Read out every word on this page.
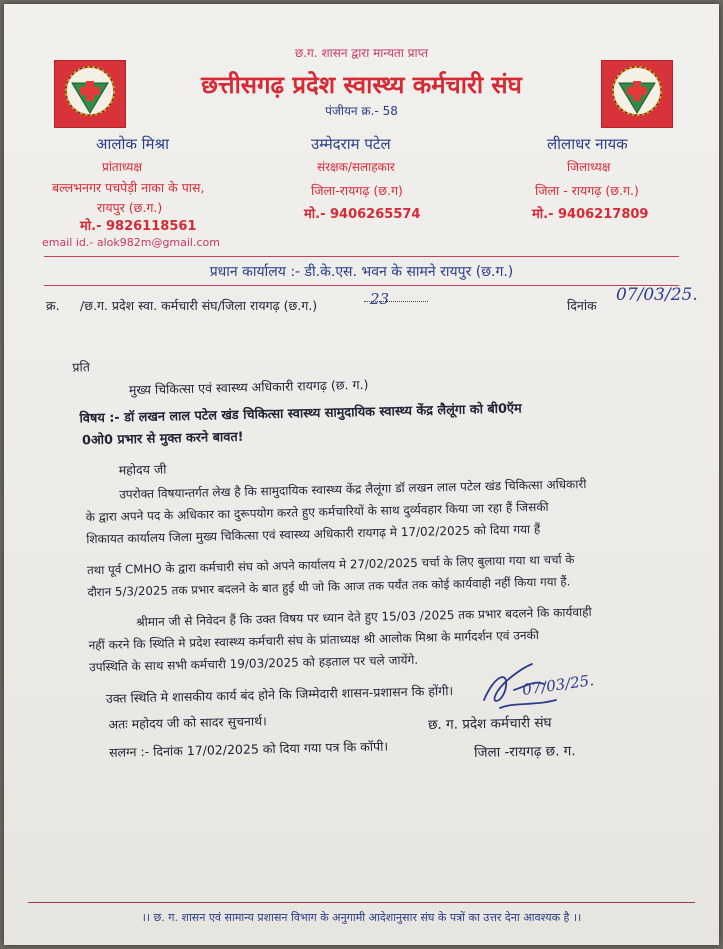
छ.ग. शासन द्वारा मान्यता प्राप्त
छत्तीसगढ़ प्रदेश स्वास्थ्य कर्मचारी संघ
पंजीयन क्र.- 58
आलोक मिश्रा
प्रांताध्यक्ष
बल्लभनगर पचपेड़ी नाका के पास,
रायपुर (छ.ग.)
मो.- 9826118561
उम्मेदराम पटेल
संरक्षक/सलाहकार
जिला-रायगढ़ (छ.ग)
मो.- 9406265574
लीलाधर नायक
जिलाध्यक्ष
जिला - रायगढ़ (छ.ग.)
मो.- 9406217809
email id.- alok982m@gmail.com
प्रधान कार्यालय :- डी.के.एस. भवन के सामने रायपुर (छ.ग.)
क्र. /छ.ग. प्रदेश स्वा. कर्मचारी संघ/जिला रायगढ़ (छ.ग.)	23	दिनांक
07/03/25.
प्रति
मुख्य चिकित्सा एवं स्वास्थ्य अधिकारी रायगढ़ (छ. ग.)
विषय :- डॉ लखन लाल पटेल खंड चिकित्सा स्वास्थ्य सामुदायिक स्वास्थ्य केंद्र लैलूंगा को बी0ऍम
0ओ0 प्रभार से मुक्त करने बावत!
महोदय जी
उपरोक्त विषयान्तर्गत लेख है कि सामुदायिक स्वास्थ्य केंद्र लैलूंगा डॉ लखन लाल पटेल खंड चिकित्सा अधिकारी
के द्वारा अपने पद के अधिकार का दुरूपयोग करते हुए कर्मचारियों के साथ दुर्व्यवहार किया जा रहा हैं जिसकी
शिकायत कार्यालय जिला मुख्य चिकित्सा एवं स्वास्थ्य अधिकारी रायगढ़ मे 17/02/2025 को दिया गया हैं
तथा पूर्व CMHO के द्वारा कर्मचारी संघ को अपने कार्यालय मे 27/02/2025 चर्चा के लिए बुलाया गया था चर्चा के
दौरान 5/3/2025 तक प्रभार बदलने के बात हुई थी जो कि आज तक पर्यंत तक कोई कार्यवाही नहीं किया गया हैं.
श्रीमान जी से निवेदन हैं कि उक्त विषय पर ध्यान देते हुए 15/03 /2025 तक प्रभार बदलने कि कार्यवाही
नहीं करने कि स्थिति मे प्रदेश स्वास्थ्य कर्मचारी संघ के प्रांताध्यक्ष श्री आलोक मिश्रा के मार्गदर्शन एवं उनकी
उपस्थिति के साथ सभी कर्मचारी 19/03/2025 को हड़ताल पर चले जायेंगे.
उक्त स्थिति मे शासकीय कार्य बंद होने कि जिम्मेदारी शासन-प्रशासन कि होंगी।
अतः महोदय जी को सादर सुचनार्थ।
सलग्न :- दिनांक 17/02/2025 को दिया गया पत्र कि कॉपी।
07/03/25.
छ. ग. प्रदेश कर्मचारी संघ
जिला -रायगढ़ छ. ग.
।। छ. ग. शासन एवं सामान्य प्रशासन विभाग के अनुगामी आदेशानुसार संघ के पत्रों का उत्तर देना आवश्यक है ।।
